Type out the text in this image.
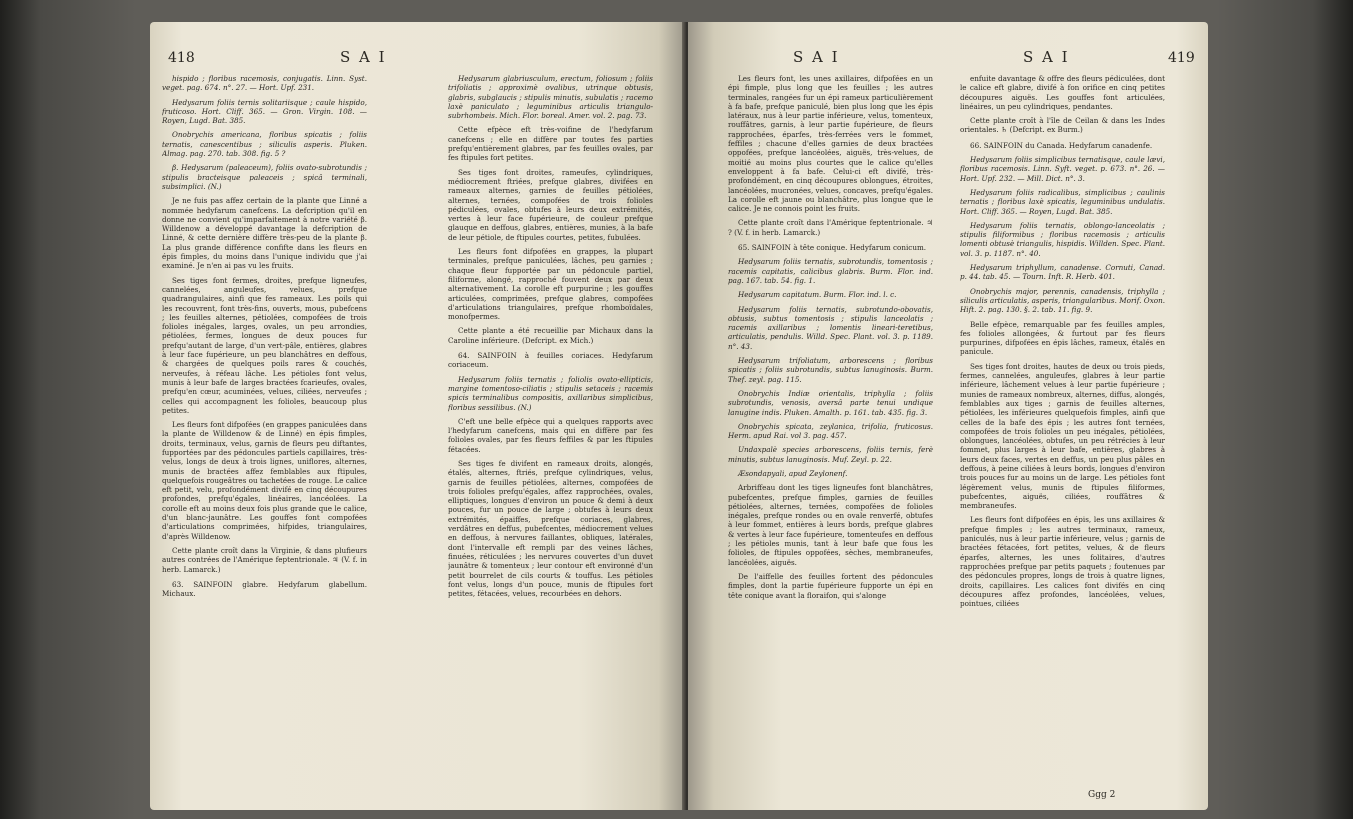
418	S A I

hispido ; floribus racemosis, conjugatis. Linn. Syst. veget. pag. 674. n°. 27. — Hort. Upf. 231.

Hedysarum foliis ternis solitariisque ; caule hispido, fruticoso. Hort. Cliff. 365. — Gron. Virgin. 108. — Royen, Lugd. Bat. 385.

Onobrychis americana, floribus spicatis ; foliis ternatis, canescentibus ; siliculis asperis. Pluken. Almag. pag. 270. tab. 308. fig. 5 ?

β. Hedysarum (paleaceum), foliis ovato-subrotundis ; stipulis bracteisque paleaceis ; spicâ terminali, subsimplici. (N.)

Je ne fuis pas affez certain de la plante que Linné a nommée hedyfarum canefcens. La defcription qu'il en donne ne convient qu'imparfaitement à notre variété β. Willdenow a développé davantage la defcription de Linné, & cette dernière diffère très-peu de la plante β. La plus grande différence confifte dans les fleurs en épis fimples, du moins dans l'unique individu que j'ai examiné. Je n'en ai pas vu les fruits.

Ses tiges font fermes, droites, prefque ligneufes, cannelées, anguleufes, velues, prefque quadrangulaires, ainfi que fes rameaux. Les poils qui les recouvrent, font très-fins, ouverts, mous, pubefcens ; les feuilles alternes, pétiolées, compofées de trois folioles inégales, larges, ovales, un peu arrondies, pétiolées, fermes, longues de deux pouces fur prefqu'autant de large, d'un vert-pâle, entières, glabres à leur face fupérieure, un peu blanchâtres en deffous, & chargées de quelques poils rares & couchés, nerveufes, à réfeau lâche. Les pétioles font velus, munis à leur bafe de larges bractées fcarieufes, ovales, prefqu'en cœur, acuminées, velues, ciliées, nerveufes ; celles qui accompagnent les folioles, beaucoup plus petites.

Les fleurs font difpofées (en grappes paniculées dans la plante de Willdenow & de Linné) en épis fimples, droits, terminaux, velus, garnis de fleurs peu diftantes, fupportées par des pédoncules partiels capillaires, très-velus, longs de deux à trois lignes, uniflores, alternes, munis de bractées affez femblables aux ftipules, quelquefois rougeâtres ou tachetées de rouge. Le calice eft petit, velu, profondément divifé en cinq découpures profondes, prefqu'égales, linéaires, lancéolées. La corolle eft au moins deux fois plus grande que le calice, d'un blanc-jaunâtre. Les gouffes font compofées d'articulations comprimées, hifpides, triangulaires, d'après Willdenow.

Cette plante croît dans la Virginie, & dans plufieurs autres contrées de l'Amérique feptentrionale. ♃ (V. f. in herb. Lamarck.)

63. SAINFOIN glabre. Hedyfarum glabellum. Michaux.

Hedysarum glabriusculum, erectum, foliosum ; foliis trifoliatis ; approximè ovalibus, utrinque obtusis, glabris, subglaucis ; stipulis minutis, subulatis ; racemo laxè paniculato ; leguminibus articulis triangulo-subrhombeis. Mich. Flor. boreal. Amer. vol. 2. pag. 73.

Cette efpèce eft très-voifine de l'hedyfarum canefcens ; elle en diffère par toutes fes parties prefqu'entièrement glabres, par fes feuilles ovales, par fes ftipules fort petites.

Ses tiges font droites, rameufes, cylindriques, médiocrement ftriées, prefque glabres, divifées en rameaux alternes, garnies de feuilles pétiolées, alternes, ternées, compofées de trois folioles pédiculées, ovales, obtufes à leurs deux extrémités, vertes à leur face fupérieure, de couleur prefque glauque en deffous, glabres, entières, munies, à la bafe de leur pétiole, de ftipules courtes, petites, fubulées.

Les fleurs font difpofées en grappes, la plupart terminales, prefque paniculées, lâches, peu garnies ; chaque fleur fupportée par un pédoncule partiel, filiforme, alongé, rapproché fouvent deux par deux alternativement. La corolle eft purpurine ; les gouffes articulées, comprimées, prefque glabres, compofées d'articulations triangulaires, prefque rhomboïdales, monofpermes.

Cette plante a été recueillie par Michaux dans la Caroline inférieure. (Defcript. ex Mich.)

64. SAINFOIN à feuilles coriaces. Hedyfarum coriaceum.

Hedysarum foliis ternatis ; foliolis ovato-ellipticis, margine tomentoso-ciliatis ; stipulis setaceis ; racemis spicis terminalibus compositis, axillaribus simplicibus, floribus sessilibus. (N.)

C'eft une belle efpèce qui a quelques rapports avec l'hedyfarum canefcens, mais qui en diffère par fes folioles ovales, par fes fleurs feffiles & par les ftipules fétacées.

Ses tiges fe divifent en rameaux droits, alongés, étalés, alternes, ftriés, prefque cylindriques, velus, garnis de feuilles pétiolées, alternes, compofées de trois folioles prefqu'égales, affez rapprochées, ovales, elliptiques, longues d'environ un pouce & demi à deux pouces, fur un pouce de large ; obtufes à leurs deux extrémités, épaiffes, prefque coriaces, glabres, verdâtres en deffus, pubefcentes, médiocrement velues en deffous, à nervures faillantes, obliques, latérales, dont l'intervalle eft rempli par des veines lâches, finuées, réticulées ; les nervures couvertes d'un duvet jaunâtre & tomenteux ; leur contour eft environné d'un petit bourrelet de cils courts & touffus. Les pétioles font velus, longs d'un pouce, munis de ftipules fort petites, fétacées, velues, recourbées en dehors.

S A I	S A I	419

Les fleurs font, les unes axillaires, difpofées en un épi fimple, plus long que les feuilles ; les autres terminales, rangées fur un épi rameux particulièrement à fa bafe, prefque paniculé, bien plus long que les épis latéraux, nus à leur partie inférieure, velus, tomenteux, rouffâtres, garnis, à leur partie fupérieure, de fleurs rapprochées, éparfes, très-ferrées vers le fommet, feffiles ; chacune d'elles garnies de deux bractées oppofées, prefque lancéolées, aiguës, très-velues, de moitié au moins plus courtes que le calice qu'elles enveloppent à fa bafe. Celui-ci eft divifé, très-profondément, en cinq découpures oblongues, étroites, lancéolées, mucronées, velues, concaves, prefqu'égales. La corolle eft jaune ou blanchâtre, plus longue que le calice. Je ne connois point les fruits.

Cette plante croît dans l'Amérique feptentrionale. ♃ ? (V. f. in herb. Lamarck.)

65. SAINFOIN à tête conique. Hedyfarum conicum.

Hedysarum foliis ternatis, subrotundis, tomentosis ; racemis capitatis, calicibus glabris. Burm. Flor. ind. pag. 167. tab. 54. fig. 1.

Hedysarum capitatum. Burm. Flor. ind. l. c.

Hedysarum foliis ternatis, subrotundo-obovatis, obtusis, subtus tomentosis ; stipulis lanceolatis ; racemis axillaribus ; lomentis lineari-teretibus, articulatis, pendulis. Willd. Spec. Plant. vol. 3. p. 1189. n°. 43.

Hedysarum trifoliatum, arborescens ; floribus spicatis ; foliis subrotundis, subtus lanuginosis. Burm. Thef. zeyl. pag. 115.

Onobrychis Indiæ orientalis, triphylla ; foliis subrotundis, venosis, aversâ parte tenui undique lanugine indis. Pluken. Amalth. p. 161. tab. 435. fig. 3.

Onobrychis spicata, zeylanica, trifolia, fruticosus. Herm. apud Rai. vol 3. pag. 457.

Undaxpalè species arborescens, foliis ternis, ferè minutis, subtus lanuginosis. Muf. Zeyl. p. 22.

Æsondapyali, apud Zeylonenf.

Arbriffeau dont les tiges ligneufes font blanchâtres, pubefcentes, prefque fimples, garnies de feuilles pétiolées, alternes, ternées, compofées de folioles inégales, prefque rondes ou en ovale renverfé, obtufes à leur fommet, entières à leurs bords, prefque glabres & vertes à leur face fupérieure, tomenteufes en deffous ; les pétioles munis, tant à leur bafe que fous les folioles, de ftipules oppofées, sèches, membraneufes, lancéolées, aiguës.

De l'aiffelle des feuilles fortent des pédoncules fimples, dont la partie fupérieure fupporte un épi en tête conique avant la floraifon, qui s'alonge

enfuite davantage & offre des fleurs pédiculées, dont le calice eft glabre, divifé à fon orifice en cinq petites découpures aiguës. Les gouffes font articulées, linéaires, un peu cylindriques, pendantes.

Cette plante croît à l'île de Ceilan & dans les Indes orientales. ♄ (Defcript. ex Burm.)

66. SAINFOIN du Canada. Hedyfarum canadenfe.

Hedysarum foliis simplicibus ternatisque, caule lævi, floribus racemosis. Linn. Syft. veget. p. 673. n°. 26. — Hort. Upf. 232. — Mill. Dict. n°. 3.

Hedysarum foliis radicalibus, simplicibus ; caulinis ternatis ; floribus laxè spicatis, leguminibus undulatis. Hort. Cliff. 365. — Royen, Lugd. Bat. 385.

Hedysarum foliis ternatis, oblongo-lanceolatis ; stipulis filiformibus ; floribus racemosis ; articulis lomenti obtusè triangulis, hispidis. Willden. Spec. Plant. vol. 3. p. 1187. n°. 40.

Hedysarum triphyllum, canadense. Cornuti, Canad. p. 44. tab. 45. — Tourn. Inft. R. Herb. 401.

Onobrychis major, perennis, canadensis, triphylla ; siliculis articulatis, asperis, triangularibus. Morif. Oxon. Hift. 2. pag. 130. §. 2. tab. 11. fig. 9.

Belle efpèce, remarquable par fes feuilles amples, fes folioles allongées, & furtout par fes fleurs purpurines, difpofées en épis lâches, rameux, étalés en panicule.

Ses tiges font droites, hautes de deux ou trois pieds, fermes, cannelées, anguleufes, glabres à leur partie inférieure, lâchement velues à leur partie fupérieure ; munies de rameaux nombreux, alternes, diffus, alongés, femblables aux tiges ; garnis de feuilles alternes, pétiolées, les inférieures quelquefois fimples, ainfi que celles de la bafe des épis ; les autres font ternées, compofées de trois folioles un peu inégales, pétiolées, oblongues, lancéolées, obtufes, un peu rétrécies à leur fommet, plus larges à leur bafe, entières, glabres à leurs deux faces, vertes en deffus, un peu plus pâles en deffous, à peine ciliées à leurs bords, longues d'environ trois pouces fur au moins un de large. Les pétioles font légèrement velus, munis de ftipules filiformes, pubefcentes, aiguës, ciliées, rouffâtres & membraneufes.

Les fleurs font difpofées en épis, les uns axillaires & prefque fimples ; les autres terminaux, rameux, paniculés, nus à leur partie inférieure, velus ; garnis de bractées fétacées, fort petites, velues, & de fleurs éparfes, alternes, les unes folitaires, d'autres rapprochées prefque par petits paquets ; foutenues par des pédoncules propres, longs de trois à quatre lignes, droits, capillaires. Les calices font divifés en cinq découpures affez profondes, lancéolées, velues, pointues, ciliées

Ggg 2
